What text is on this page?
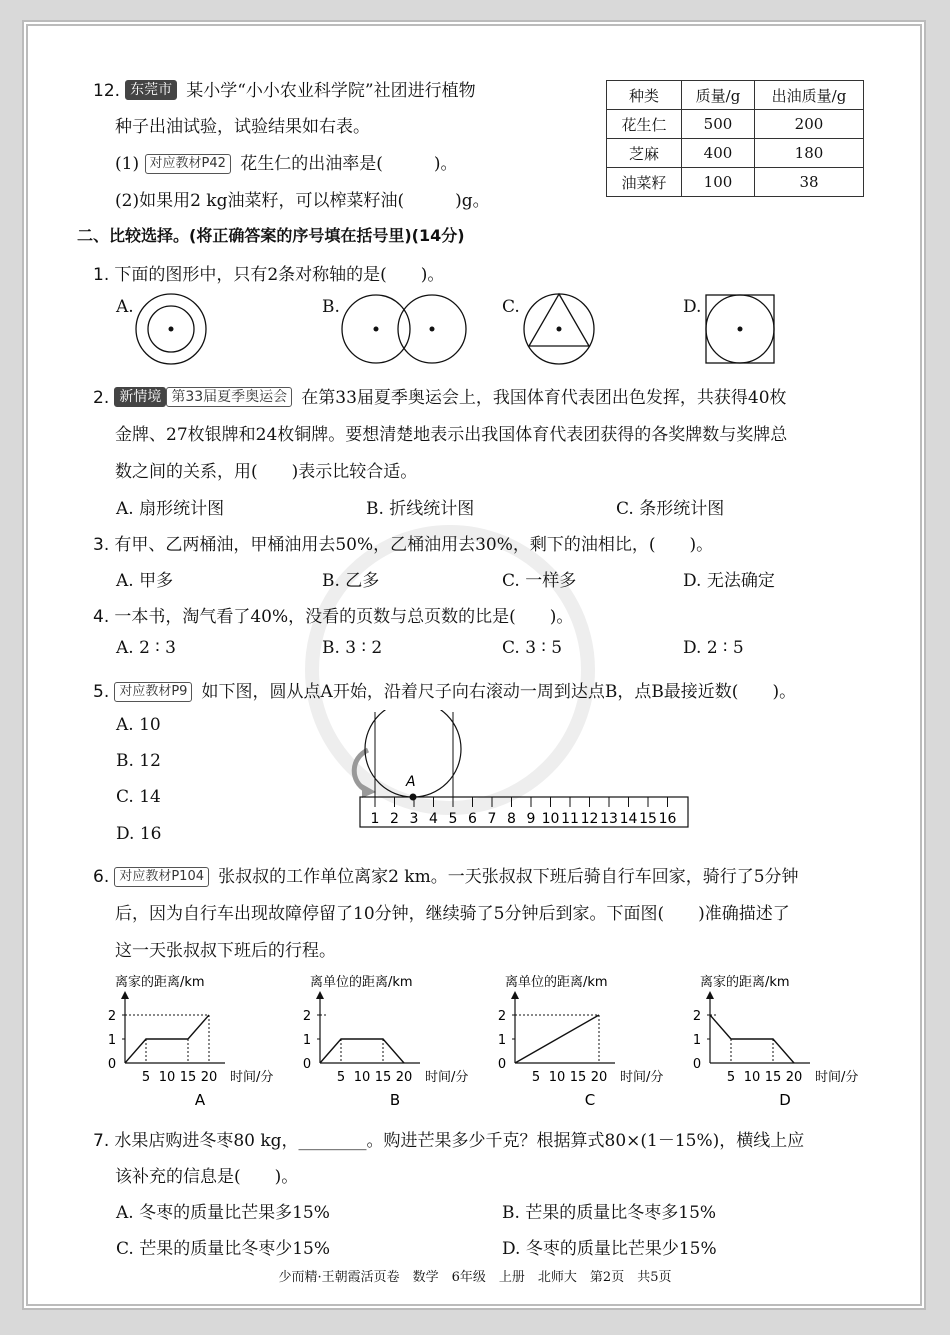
12. 东莞市 某小学“小小农业科学院”社团进行植物
种子出油试验，试验结果如右表。
(1) 对应教材P42 花生仁的出油率是(　　　)。
(2)如果用2 kg油菜籽，可以榨菜籽油(　　　)g。
种类	质量/g	出油质量/g
花生仁	500	200
芝麻	400	180
油菜籽	100	38
二、比较选择。(将正确答案的序号填在括号里)(14分)
1. 下面的图形中，只有2条对称轴的是(　　)。
A.	B.	C.	D.
2. 新情境 第33届夏季奥运会 在第33届夏季奥运会上，我国体育代表团出色发挥，共获得40枚
金牌、27枚银牌和24枚铜牌。要想清楚地表示出我国体育代表团获得的各奖牌数与奖牌总
数之间的关系，用(　　)表示比较合适。
A. 扇形统计图	B. 折线统计图	C. 条形统计图
3. 有甲、乙两桶油，甲桶油用去50%，乙桶油用去30%，剩下的油相比，(　　)。
A. 甲多	B. 乙多	C. 一样多	D. 无法确定
4. 一本书，淘气看了40%，没看的页数与总页数的比是(　　)。
A. 2 ∶ 3	B. 3 ∶ 2	C. 3 ∶ 5	D. 2 ∶ 5
5. 对应教材P9 如下图，圆从点A开始，沿着尺子向右滚动一周到达点B，点B最接近数(　　)。
A. 10
B. 12
C. 14
D. 16
A
1 2 3 4 5 6 7 8 9 10 11 12 13 14 15 16
6. 对应教材P104 张叔叔的工作单位离家2 km。一天张叔叔下班后骑自行车回家，骑行了5分钟
后，因为自行车出现故障停留了10分钟，继续骑了5分钟后到家。下面图(　　)准确描述了
这一天张叔叔下班后的行程。
离家的距离/km
0
1
2
5 10 15 20 时间/分
A
离单位的距离/km
0
1
2
5 10 15 20 时间/分
B
离单位的距离/km
0
1
2
5 10 15 20 时间/分
C
离家的距离/km
0
1
2
5 10 15 20 时间/分
D
7. 水果店购进冬枣80 kg，________。购进芒果多少千克？根据算式80×(1－15%)，横线上应
该补充的信息是(　　)。
A. 冬枣的质量比芒果多15%	B. 芒果的质量比冬枣多15%
C. 芒果的质量比冬枣少15%	D. 冬枣的质量比芒果少15%
少而精·王朝霞活页卷　数学　6年级　上册　北师大　第2页　共5页
